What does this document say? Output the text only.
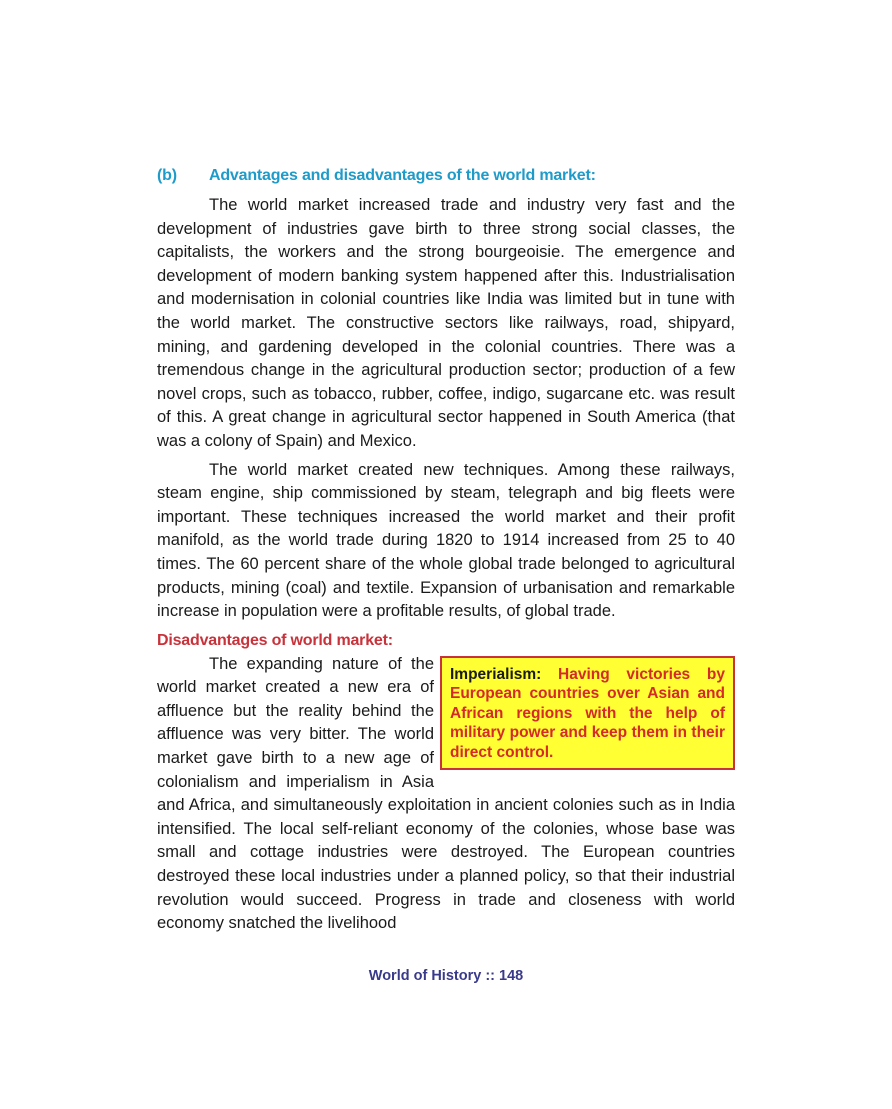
(b)	Advantages and disadvantages of the world market:

The world market increased trade and industry very fast and the development of industries gave birth to three strong social classes, the capitalists, the workers and the strong bourgeoisie. The emergence and development of modern banking system happened after this. Industrialisation and modernisation in colonial countries like India was limited but in tune with the world market. The constructive sectors like railways, road, shipyard, mining, and gardening developed in the colonial countries. There was a tremendous change in the agricultural production sector; production of a few novel crops, such as tobacco, rubber, coffee, indigo, sugarcane etc. was result of this. A great change in agricultural sector happened in South America (that was a colony of Spain) and Mexico.

The world market created new techniques. Among these railways, steam engine, ship commissioned by steam, telegraph and big fleets were important. These techniques increased the world market and their profit manifold, as the world trade during 1820 to 1914 increased from 25 to 40 times. The 60 percent share of the whole global trade belonged to agricultural products, mining (coal) and textile. Expansion of urbanisation and remarkable increase in population were a profitable results, of global trade.

Disadvantages of world market:
Imperialism: Having victories by European countries over Asian and African regions with the help of military power and keep them in their direct control.

The expanding nature of the world market created a new era of affluence but the reality behind the affluence was very bitter. The world market gave birth to a new age of colonialism and imperialism in Asia and Africa, and simultaneously exploitation in ancient colonies such as in India intensified. The local self-reliant economy of the colonies, whose base was small and cottage industries were destroyed. The European countries destroyed these local industries under a planned policy, so that their industrial revolution would succeed. Progress in trade and closeness with world economy snatched the livelihood

World of History :: 148
